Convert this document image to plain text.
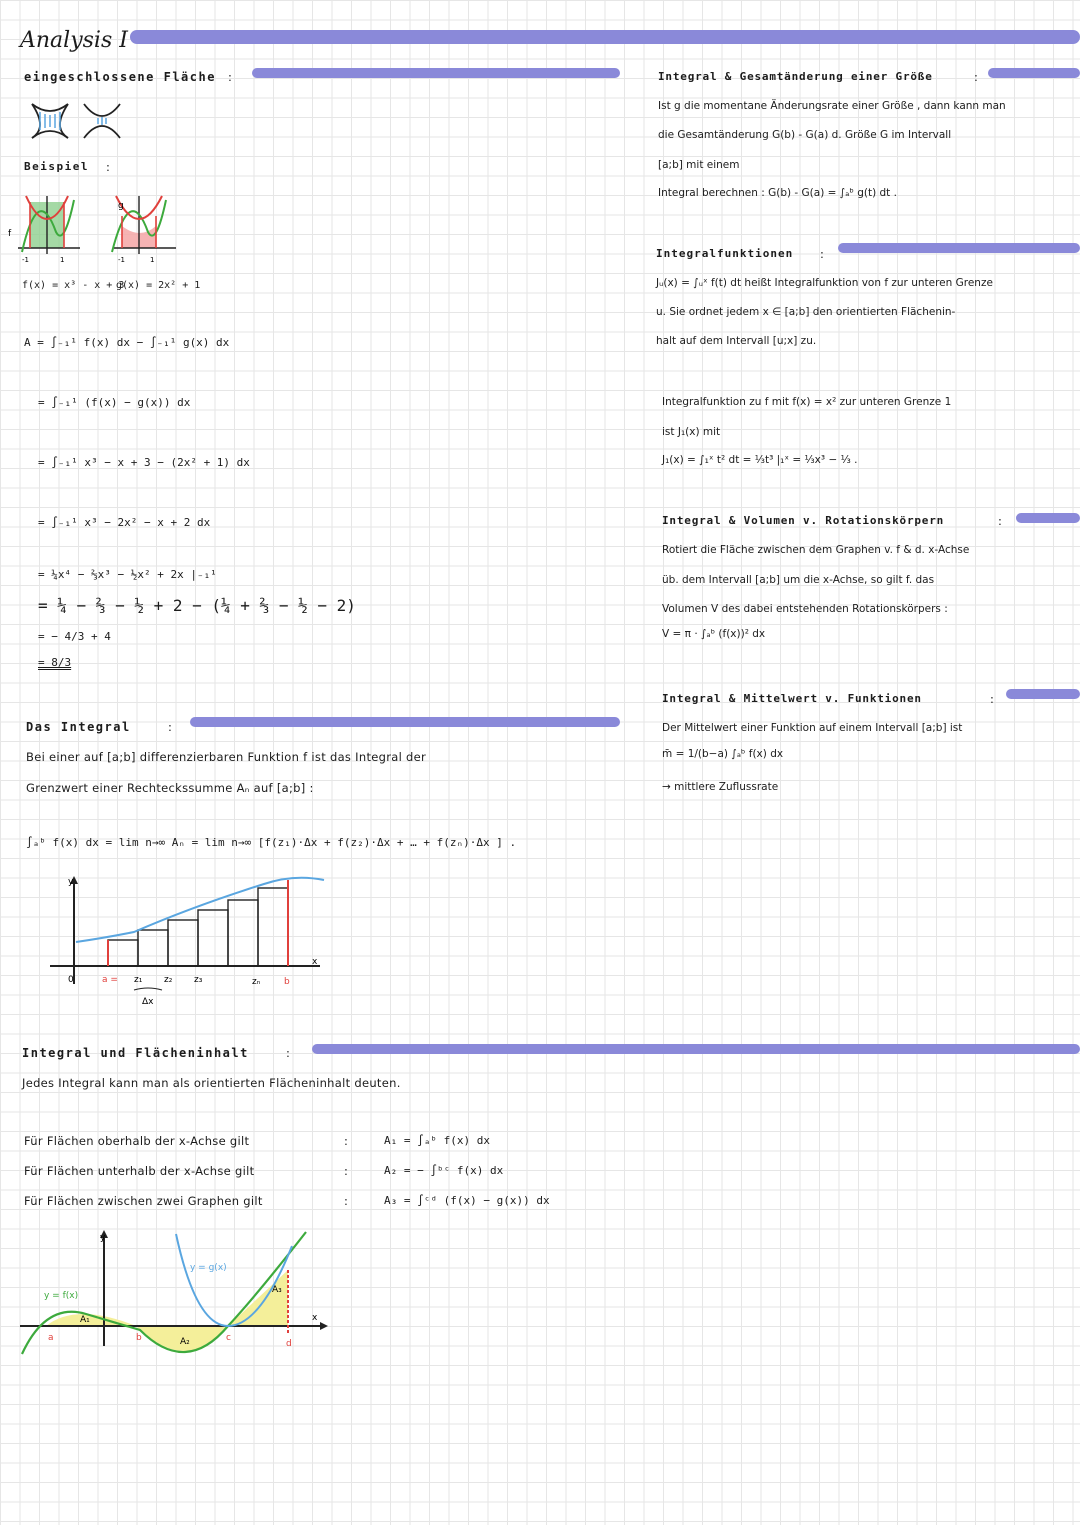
Analysis I
eingeschlossene Fläche :
Beispiel :
f
-1	1
g
-1	1
f(x) = x³ - x + 3
g(x) = 2x² + 1
A = ∫₋₁¹ f(x) dx − ∫₋₁¹ g(x) dx
= ∫₋₁¹ (f(x) − g(x)) dx
= ∫₋₁¹ x³ − x + 3 − (2x² + 1) dx
= ∫₋₁¹ x³ − 2x² − x + 2 dx
= ¼x⁴ − ⅔x³ − ½x² + 2x |₋₁¹
= ¼ − ⅔ − ½ + 2 − (¼ + ⅔ − ½ − 2)
= − 4/3 + 4
= 8/3
Das Integral	:
Bei einer auf [a;b] differenzierbaren Funktion f ist das Integral der
Grenzwert einer Rechteckssumme Aₙ auf [a;b] :
∫ₐᵇ f(x) dx = lim n→∞ Aₙ = lim n→∞ [f(z₁)·Δx + f(z₂)·Δx + … + f(zₙ)·Δx ] .
y
x
0	a = z₁ z₂ z₃	zₙ	b
Δx
Integral und Flächeninhalt	:
Jedes Integral kann man als orientierten Flächeninhalt deuten.
Für Flächen oberhalb der x-Achse gilt	:	A₁ = ∫ₐᵇ f(x) dx
Für Flächen unterhalb der x-Achse gilt	:	A₂ = − ∫ᵇᶜ f(x) dx
Für Flächen zwischen zwei Graphen gilt	:	A₃ = ∫ᶜᵈ (f(x) − g(x)) dx
y
x
y = f(x)
y = g(x)
A₁
A₂
A₃
a	b	c
d
Integral & Gesamtänderung einer Größe	:
Ist g die momentane Änderungsrate einer Größe , dann kann man
die Gesamtänderung G(b) - G(a) d. Größe G im Intervall
[a;b] mit einem
Integral berechnen : G(b) - G(a) = ∫ₐᵇ g(t) dt .
Integralfunktionen :
Jᵤ(x) = ∫ᵤˣ f(t) dt heißt Integralfunktion von f zur unteren Grenze
u. Sie ordnet jedem x ∈ [a;b] den orientierten Flächenin-
halt auf dem Intervall [u;x] zu.
Integralfunktion zu f mit f(x) = x² zur unteren Grenze 1
ist J₁(x) mit
J₁(x) = ∫₁ˣ t² dt = ⅓t³ |₁ˣ = ⅓x³ − ⅓ .
Integral & Volumen v. Rotationskörpern	:
Rotiert die Fläche zwischen dem Graphen v. f & d. x-Achse
üb. dem Intervall [a;b] um die x-Achse, so gilt f. das
Volumen V des dabei entstehenden Rotationskörpers :
V = π · ∫ₐᵇ (f(x))² dx
Integral & Mittelwert v. Funktionen	:
Der Mittelwert einer Funktion auf einem Intervall [a;b] ist
m̄ = 1/(b−a) ∫ₐᵇ f(x) dx
→ mittlere Zuflussrate
